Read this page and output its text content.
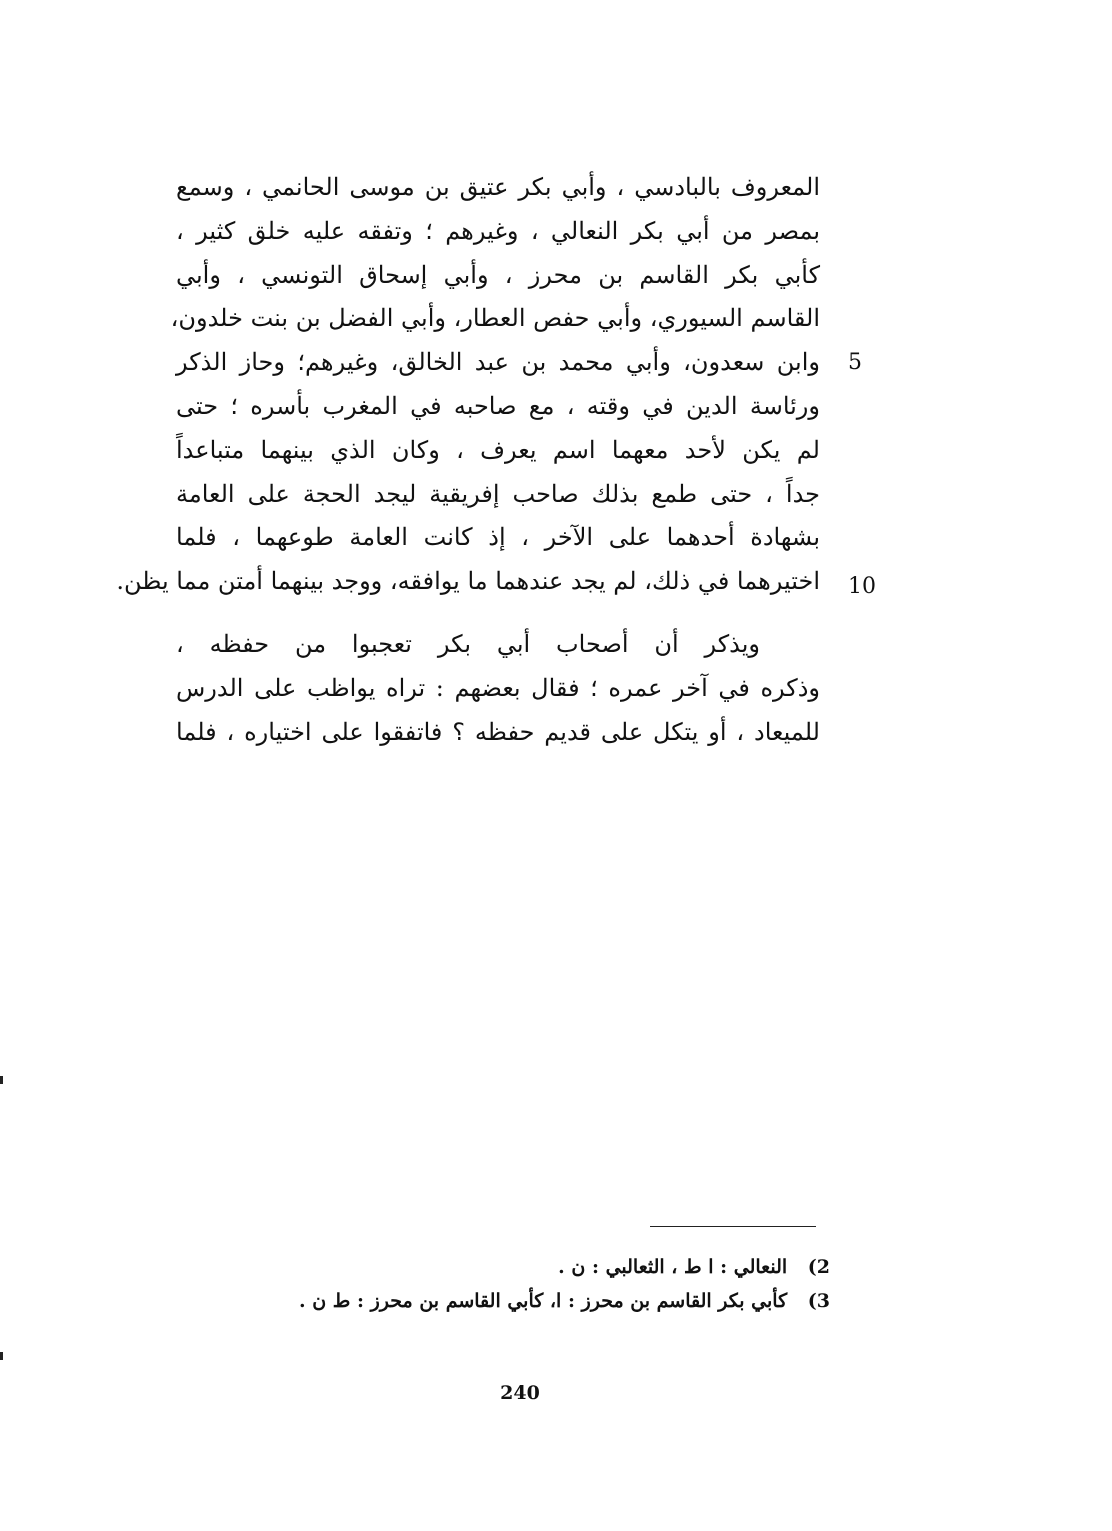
المعروف بالبادسي ، وأبي بكر عتيق بن موسى الحانمي ، وسمع
بمصر من أبي بكر النعالي ، وغيرهم ؛ وتفقه عليه خلق كثير ،
كأبي بكر القاسم بن محرز ، وأبي إسحاق التونسي ، وأبي
القاسم السيوري، وأبي حفص العطار، وأبي الفضل بن بنت خلدون،
وابن سعدون، وأبي محمد بن عبد الخالق، وغيرهم؛ وحاز الذكر
ورئاسة الدين في وقته ، مع صاحبه في المغرب بأسره ؛ حتى
لم يكن لأحد معهما اسم يعرف ، وكان الذي بينهما متباعداً
جداً ، حتى طمع بذلك صاحب إفريقية ليجد الحجة على العامة
بشهادة أحدهما على الآخر ، إذ كانت العامة طوعهما ، فلما
اختيرهما في ذلك، لم يجد عندهما ما يوافقه، ووجد بينهما أمتن مما يظن.
5
10
ويذكر أن أصحاب أبي بكر تعجبوا من حفظه ،
وذكره في آخر عمره ؛ فقال بعضهم : تراه يواظب على الدرس
للميعاد ، أو يتكل على قديم حفظه ؟ فاتفقوا على اختياره ، فلما
2) النعالي : ا ط ، الثعالبي : ن .
3) كأبي بكر القاسم بن محرز : ا، كأبي القاسم بن محرز : ط ن .
240
